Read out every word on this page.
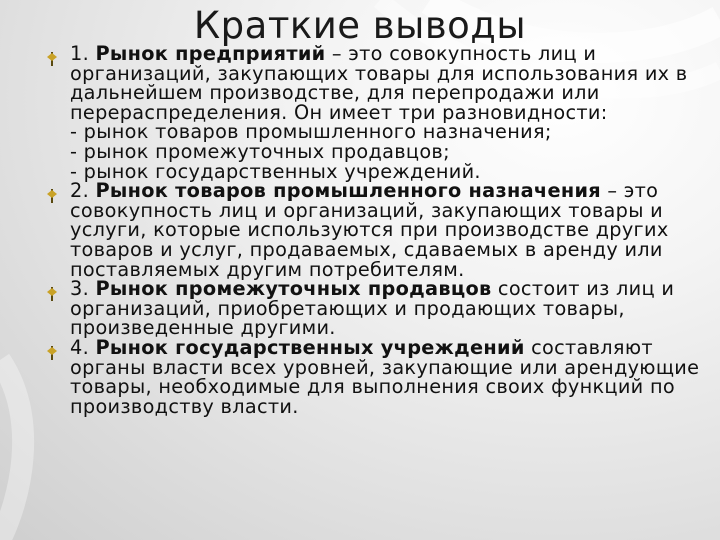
Краткие выводы

1. Рынок предприятий – это совокупность лиц и организаций, закупающих товары для использования их в дальнейшем производстве, для перепродажи или перераспределения. Он имеет три разновидности:
- рынок товаров промышленного назначения;
- рынок промежуточных продавцов;
- рынок государственных учреждений.

2. Рынок товаров промышленного назначения – это совокупность лиц и организаций, закупающих товары и услуги, которые используются при производстве других товаров и услуг, продаваемых, сдаваемых в аренду или поставляемых другим потребителям.

3. Рынок промежуточных продавцов состоит из лиц и организаций, приобретающих и продающих товары, произведенные другими.

4. Рынок государственных учреждений составляют органы власти всех уровней, закупающие или арендующие товары, необходимые для выполнения своих функций по производству власти.
